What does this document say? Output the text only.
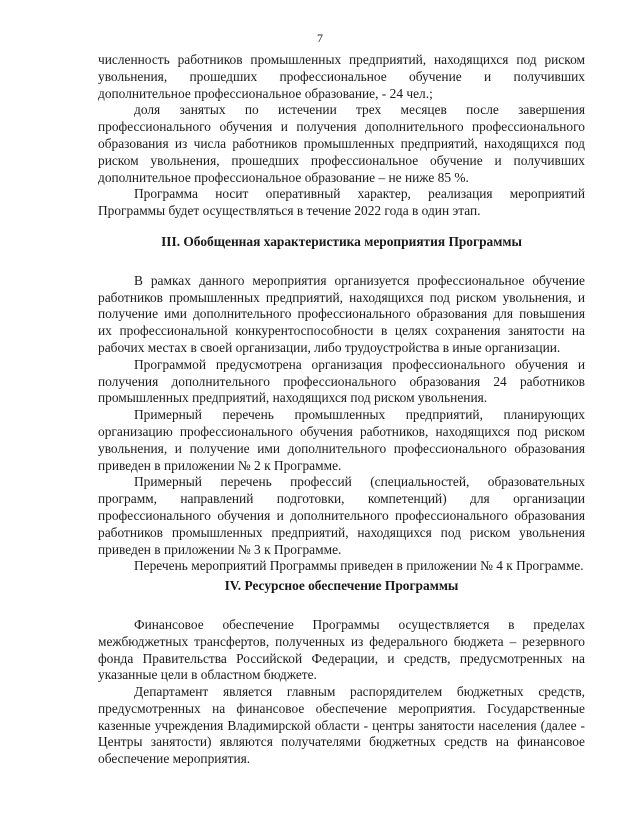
7

численность работников промышленных предприятий, находящихся под риском увольнения, прошедших профессиональное обучение и получивших дополнительное профессиональное образование, - 24 чел.;

доля занятых по истечении трех месяцев после завершения профессионального обучения и получения дополнительного профессионального образования из числа работников промышленных предприятий, находящихся под риском увольнения, прошедших профессиональное обучение и получивших дополнительное профессиональное образование – не ниже 85 %.

Программа носит оперативный характер, реализация мероприятий Программы будет осуществляться в течение 2022 года в один этап.

III. Обобщенная характеристика мероприятия Программы

В рамках данного мероприятия организуется профессиональное обучение работников промышленных предприятий, находящихся под риском увольнения, и получение ими дополнительного профессионального образования для повышения их профессиональной конкурентоспособности в целях сохранения занятости на рабочих местах в своей организации, либо трудоустройства в иные организации.

Программой предусмотрена организация профессионального обучения и получения дополнительного профессионального образования 24 работников промышленных предприятий, находящихся под риском увольнения.

Примерный перечень промышленных предприятий, планирующих организацию профессионального обучения работников, находящихся под риском увольнения, и получение ими дополнительного профессионального образования приведен в приложении № 2 к Программе.

Примерный перечень профессий (специальностей, образовательных программ, направлений подготовки, компетенций) для организации профессионального обучения и дополнительного профессионального образования работников промышленных предприятий, находящихся под риском увольнения приведен в приложении № 3 к Программе.

Перечень мероприятий Программы приведен в приложении № 4 к Программе.

IV. Ресурсное обеспечение Программы

Финансовое обеспечение Программы осуществляется в пределах межбюджетных трансфертов, полученных из федерального бюджета – резервного фонда Правительства Российской Федерации, и средств, предусмотренных на указанные цели в областном бюджете.

Департамент является главным распорядителем бюджетных средств, предусмотренных на финансовое обеспечение мероприятия. Государственные казенные учреждения Владимирской области - центры занятости населения (далее - Центры занятости) являются получателями бюджетных средств на финансовое обеспечение мероприятия.
